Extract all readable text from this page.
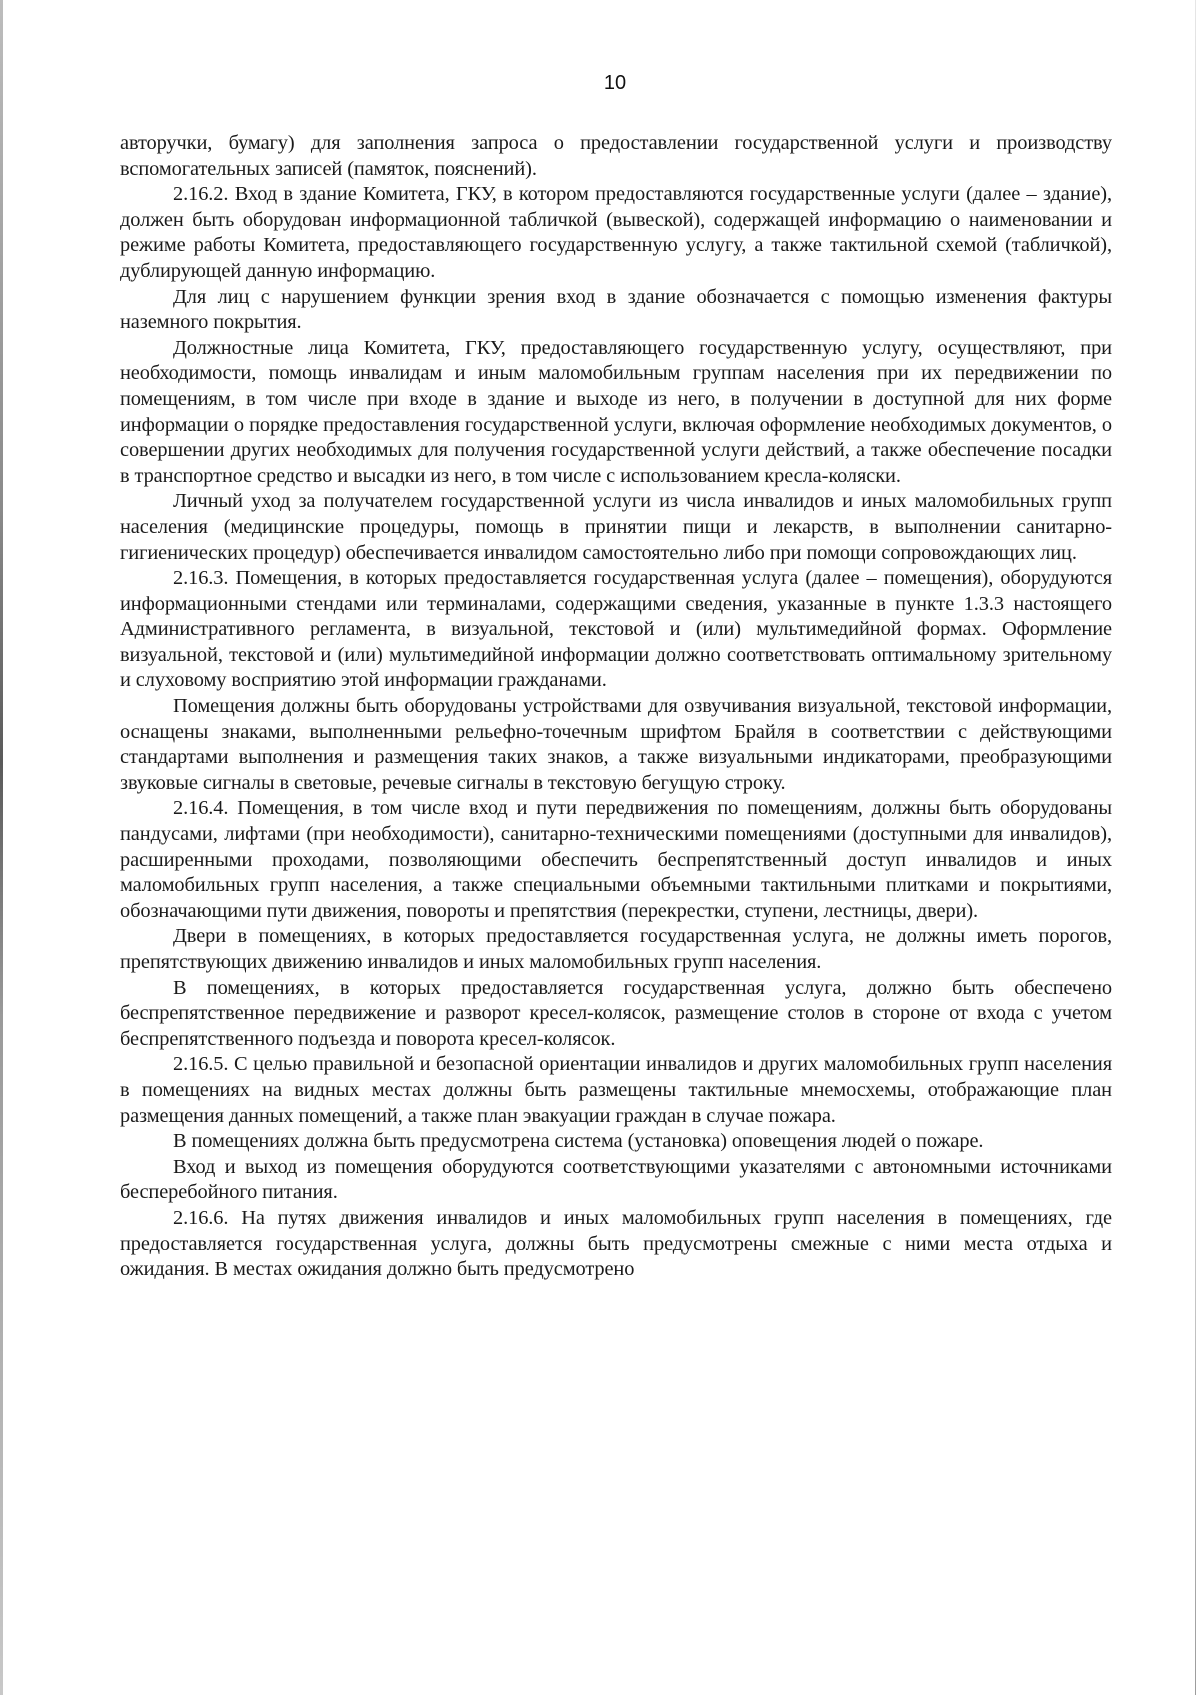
10

авторучки, бумагу) для заполнения запроса о предоставлении государственной услуги и производству вспомогательных записей (памяток, пояснений).

2.16.2. Вход в здание Комитета, ГКУ, в котором предоставляются государственные услуги (далее – здание), должен быть оборудован информационной табличкой (вывеской), содержащей информацию о наименовании и режиме работы Комитета, предоставляющего государственную услугу, а также тактильной схемой (табличкой), дублирующей данную информацию.

Для лиц с нарушением функции зрения вход в здание обозначается с помощью изменения фактуры наземного покрытия.

Должностные лица Комитета, ГКУ, предоставляющего государственную услугу, осуществляют, при необходимости, помощь инвалидам и иным маломобильным группам населения при их передвижении по помещениям, в том числе при входе в здание и выходе из него, в получении в доступной для них форме информации о порядке предоставления государственной услуги, включая оформление необходимых документов, о совершении других необходимых для получения государственной услуги действий, а также обеспечение посадки в транспортное средство и высадки из него, в том числе с использованием кресла-коляски.

Личный уход за получателем государственной услуги из числа инвалидов и иных маломобильных групп населения (медицинские процедуры, помощь в принятии пищи и лекарств, в выполнении санитарно-гигиенических процедур) обеспечивается инвалидом самостоятельно либо при помощи сопровождающих лиц.

2.16.3. Помещения, в которых предоставляется государственная услуга (далее – помещения), оборудуются информационными стендами или терминалами, содержащими сведения, указанные в пункте 1.3.3 настоящего Административного регламента, в визуальной, текстовой и (или) мультимедийной формах. Оформление визуальной, текстовой и (или) мультимедийной информации должно соответствовать оптимальному зрительному и слуховому восприятию этой информации гражданами.

Помещения должны быть оборудованы устройствами для озвучивания визуальной, текстовой информации, оснащены знаками, выполненными рельефно-точечным шрифтом Брайля в соответствии с действующими стандартами выполнения и размещения таких знаков, а также визуальными индикаторами, преобразующими звуковые сигналы в световые, речевые сигналы в текстовую бегущую строку.

2.16.4. Помещения, в том числе вход и пути передвижения по помещениям, должны быть оборудованы пандусами, лифтами (при необходимости), санитарно-техническими помещениями (доступными для инвалидов), расширенными проходами, позволяющими обеспечить беспрепятственный доступ инвалидов и иных маломобильных групп населения, а также специальными объемными тактильными плитками и покрытиями, обозначающими пути движения, повороты и препятствия (перекрестки, ступени, лестницы, двери).

Двери в помещениях, в которых предоставляется государственная услуга, не должны иметь порогов, препятствующих движению инвалидов и иных маломобильных групп населения.

В помещениях, в которых предоставляется государственная услуга, должно быть обеспечено беспрепятственное передвижение и разворот кресел-колясок, размещение столов в стороне от входа с учетом беспрепятственного подъезда и поворота кресел-колясок.

2.16.5. С целью правильной и безопасной ориентации инвалидов и других маломобильных групп населения в помещениях на видных местах должны быть размещены тактильные мнемосхемы, отображающие план размещения данных помещений, а также план эвакуации граждан в случае пожара.

В помещениях должна быть предусмотрена система (установка) оповещения людей о пожаре.

Вход и выход из помещения оборудуются соответствующими указателями с автономными источниками бесперебойного питания.

2.16.6. На путях движения инвалидов и иных маломобильных групп населения в помещениях, где предоставляется государственная услуга, должны быть предусмотрены смежные с ними места отдыха и ожидания. В местах ожидания должно быть предусмотрено
